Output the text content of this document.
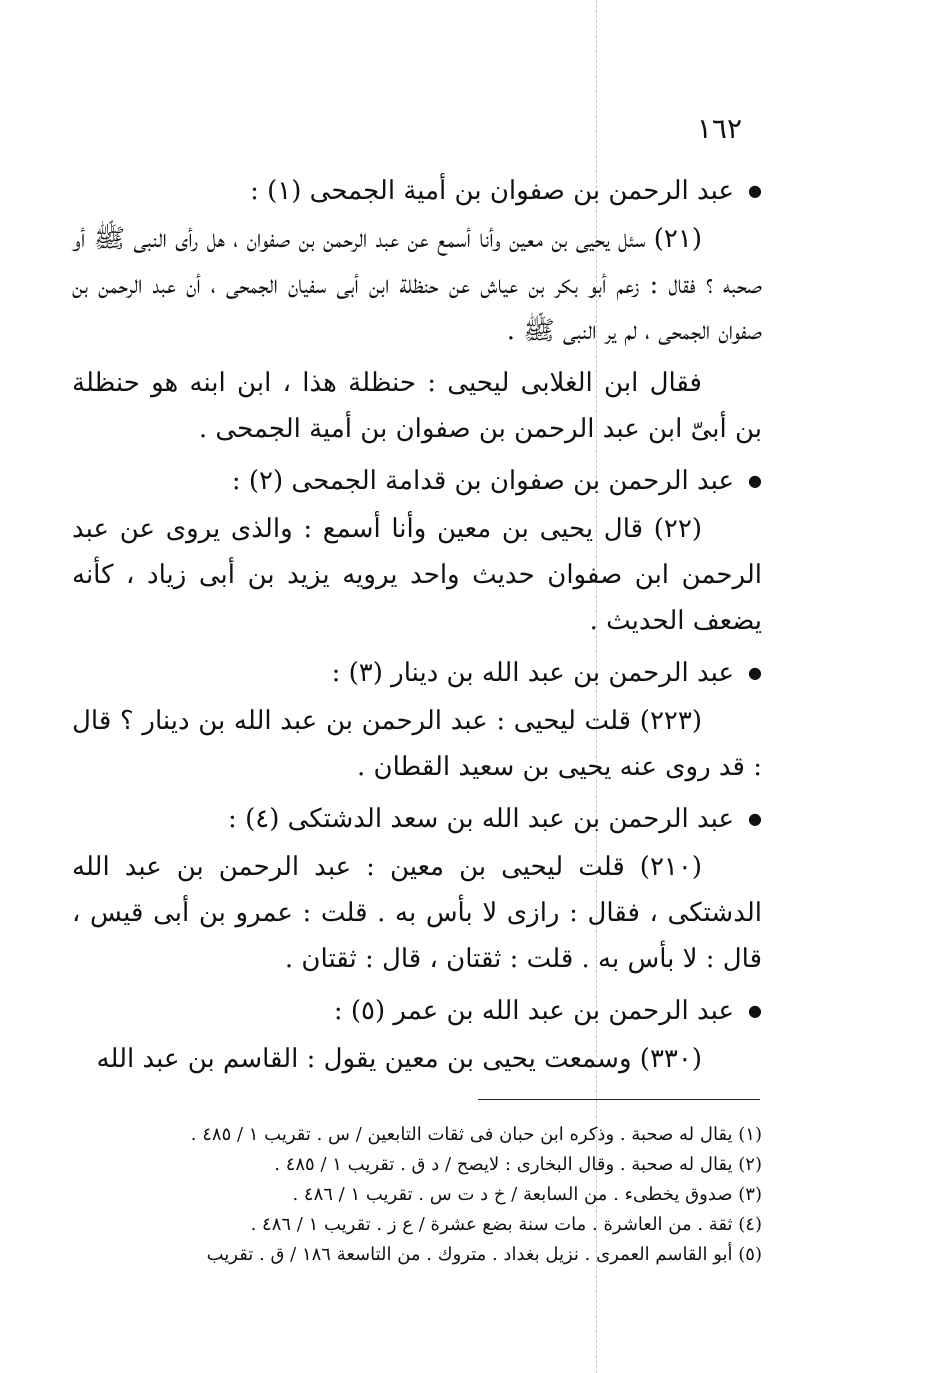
١٦٢
●
عبد الرحمن بن صفوان بن أمية الجمحى (١) :

(٢١) سئل يحيى بن معين وأنا أسمع عن عبد الرحمن بن صفوان ، هل رأى النبى ﷺ أو صحبه ؟ فقال : زعم أبو بكر بن عياش عن حنظلة ابن أبى سفيان الجمحى ، أن عبد الرحمن بن صفوان الجمحى ، لم ير النبى ﷺ .

فقال ابن الغلابى ليحيى : حنظلة هذا ، ابن ابنه هو حنظلة بن أبىّ ابن عبد الرحمن بن صفوان بن أمية الجمحى .

●
عبد الرحمن بن صفوان بن قدامة الجمحى (٢) :

(٢٢) قال يحيى بن معين وأنا أسمع : والذى يروى عن عبد الرحمن ابن صفوان حديث واحد يرويه يزيد بن أبى زياد ، كأنه يضعف الحديث .

●
عبد الرحمن بن عبد الله بن دينار (٣) :

(٢٢٣) قلت ليحيى : عبد الرحمن بن عبد الله بن دينار ؟ قال : قد روى عنه يحيى بن سعيد القطان .

●
عبد الرحمن بن عبد الله بن سعد الدشتكى (٤) :

(٢١٠) قلت ليحيى بن معين : عبد الرحمن بن عبد الله الدشتكى ، فقال : رازى لا بأس به . قلت : عمرو بن أبى قيس ، قال : لا بأس به . قلت : ثقتان ، قال : ثقتان .

●
عبد الرحمن بن عبد الله بن عمر (٥) :

(٣٣٠) وسمعت يحيى بن معين يقول : القاسم بن عبد الله

(١) يقال له صحبة . وذكره ابن حبان فى ثقات التابعين / س . تقريب ١ / ٤٨٥ .

(٢) يقال له صحبة . وقال البخارى : لايصح / د ق . تقريب ١ / ٤٨٥ .

(٣) صدوق يخطىء . من السابعة / خ د ت س . تقريب ١ / ٤٨٦ .

(٤) ثقة . من العاشرة . مات سنة بضع عشرة / ع ز . تقريب ١ / ٤٨٦ .

(٥) أبو القاسم العمرى . نزيل بغداد . متروك . من التاسعة ١٨٦ / ق . تقريب
